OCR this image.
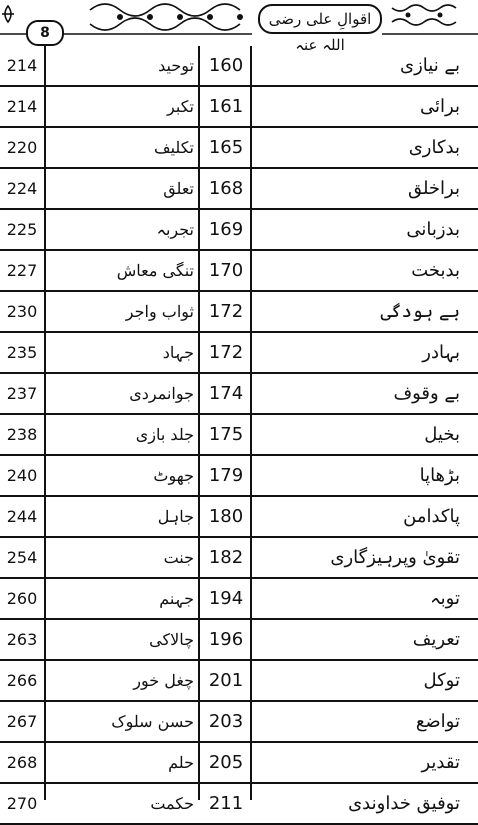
8
اقوالِ علی رضی اللہ عنہ
بے نیازی
160
توحید
214
برائی
161
تکبر
214
بدکاری
165
تکلیف
220
براخلق
168
تعلق
224
بدزبانی
169
تجربہ
225
بدبخت
170
تنگی معاش
227
بے ہودگی
172
ثواب واجر
230
بہادر
172
جہاد
235
بے وقوف
174
جوانمردی
237
بخیل
175
جلد بازی
238
بڑھاپا
179
جھوٹ
240
پاکدامن
180
جاہل
244
تقویٰ وپرہیزگاری
182
جنت
254
توبہ
194
جہنم
260
تعریف
196
چالاکی
263
توکل
201
چغل خور
266
تواضع
203
حسن سلوک
267
تقدیر
205
حلم
268
توفیق خداوندی
211
حکمت
270
